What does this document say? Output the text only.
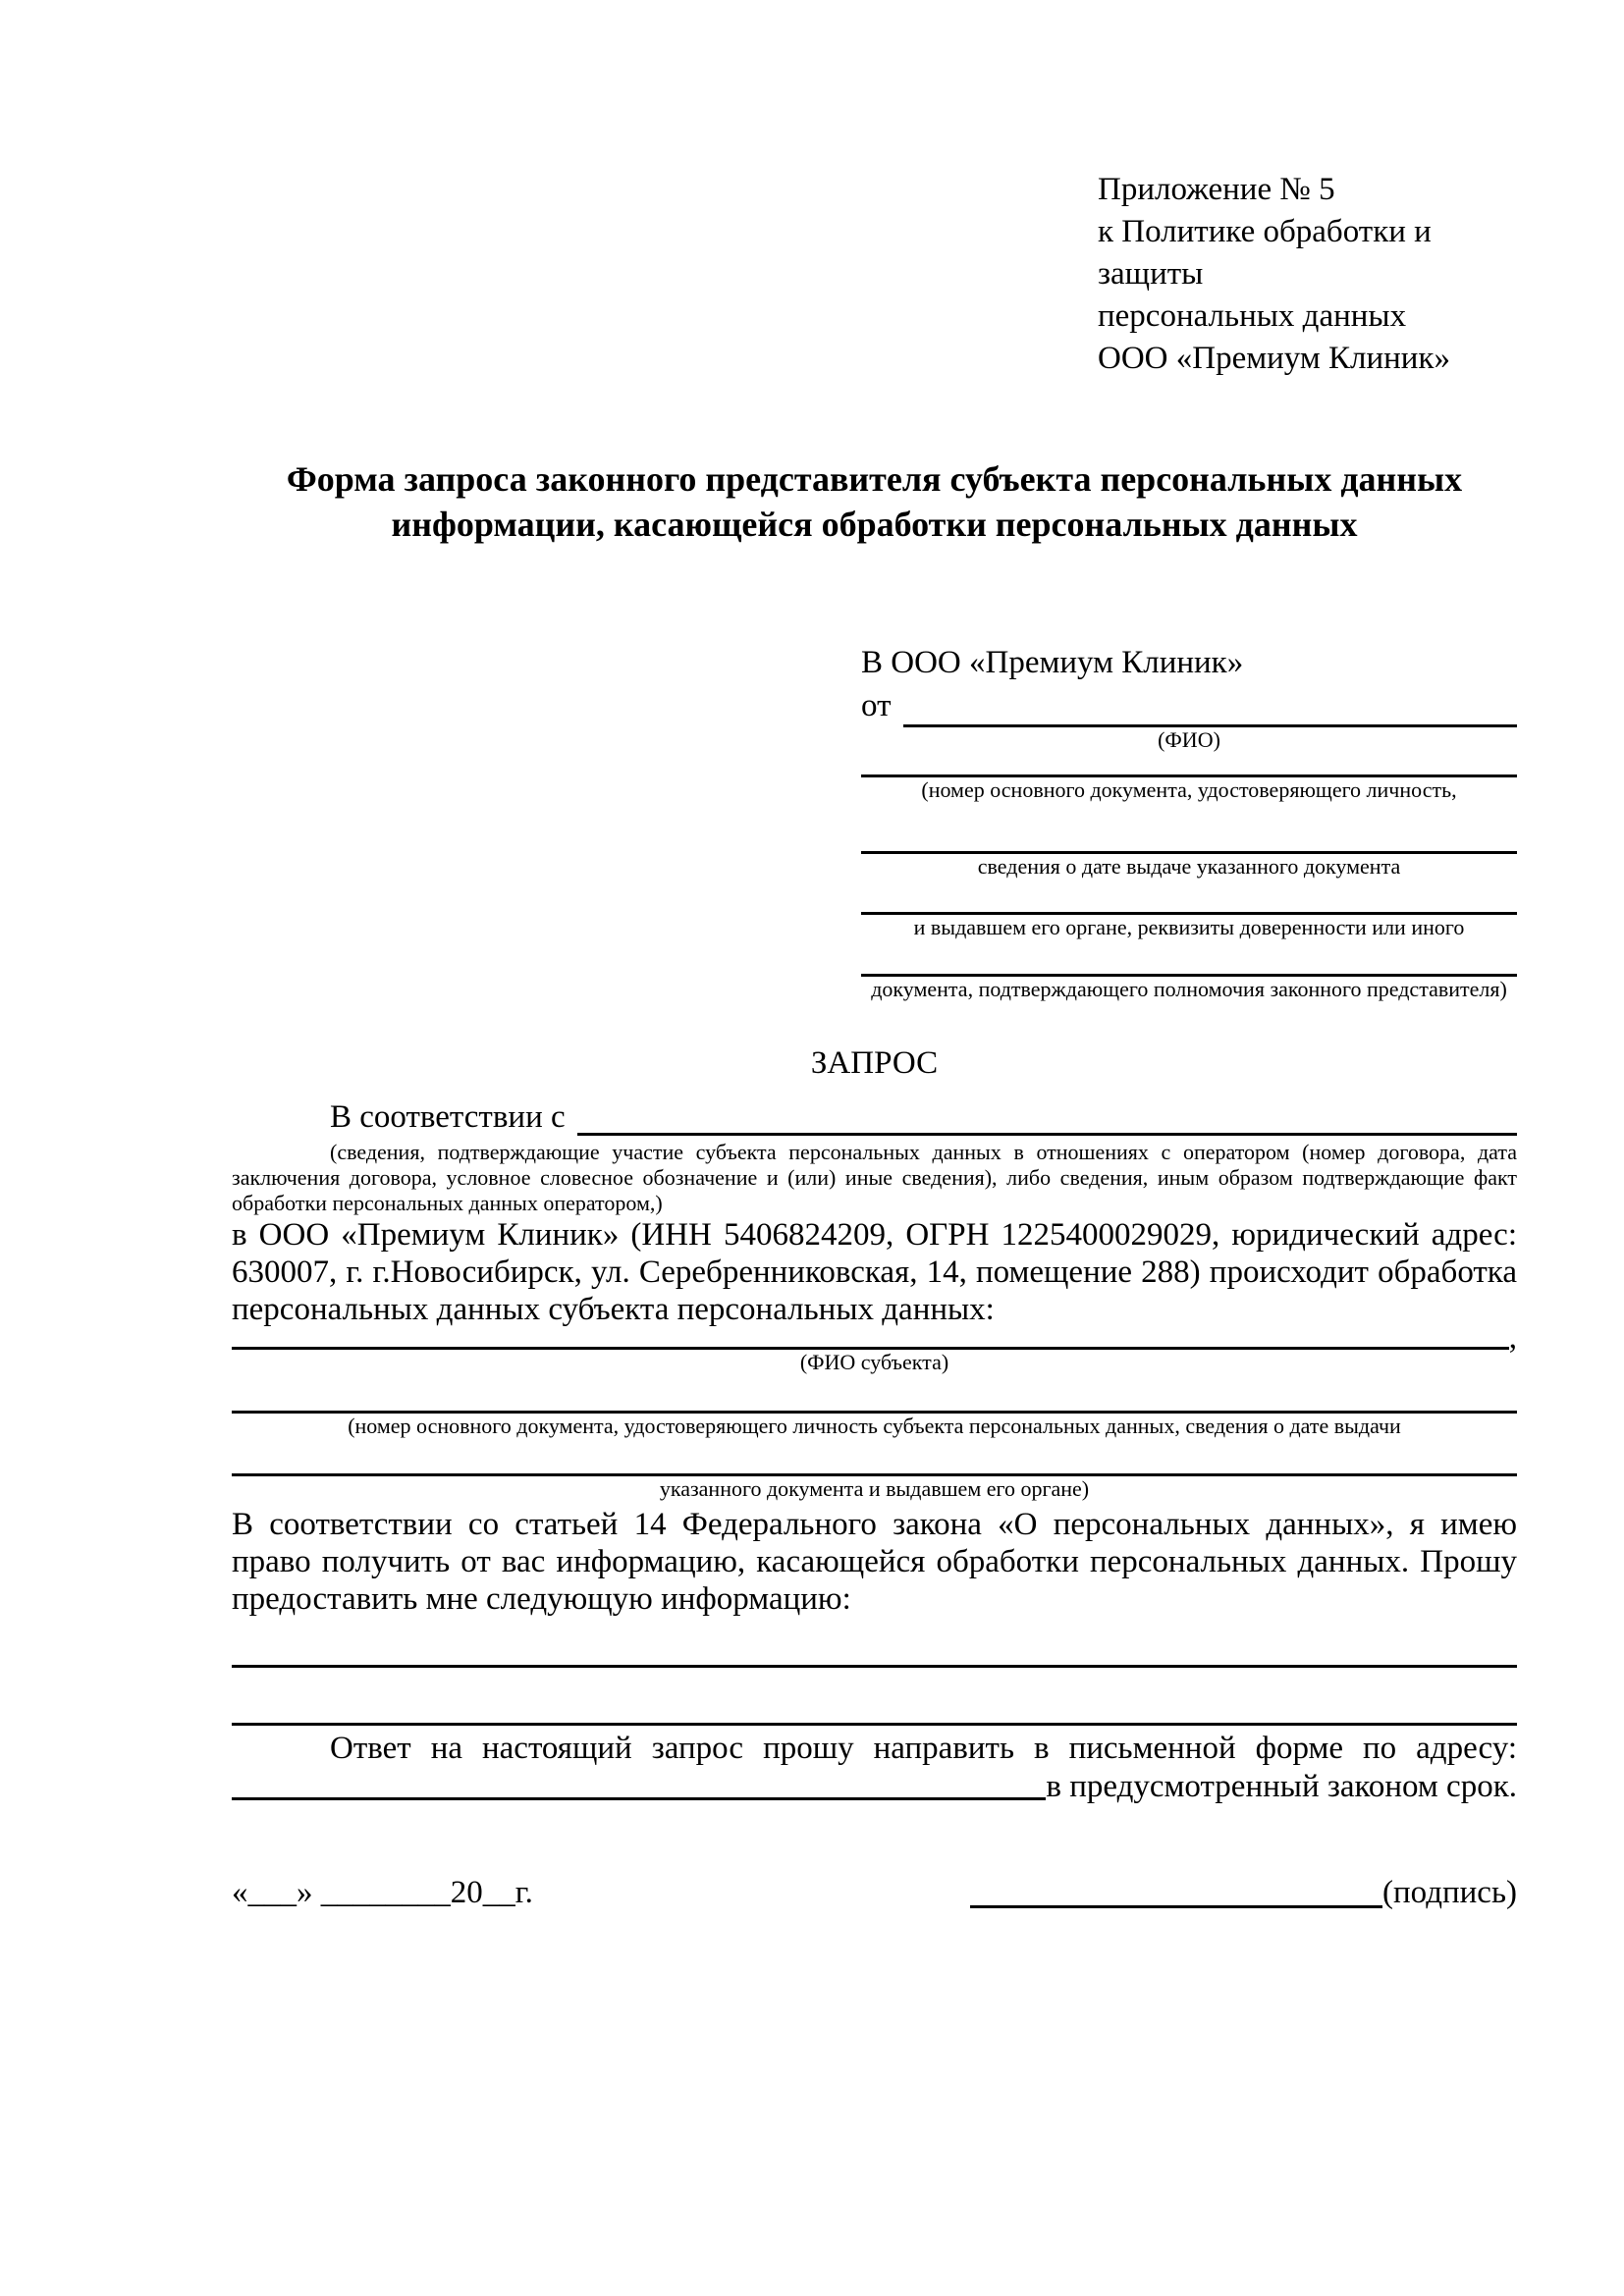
Приложение № 5
к Политике обработки и защиты
персональных данных
ООО «Премиум Клиник»
Форма запроса законного представителя субъекта персональных данных
информации, касающейся обработки персональных данных
В ООО «Премиум Клиник»
от
(ФИО)
(номер основного документа, удостоверяющего личность,
сведения о дате выдаче указанного документа
и выдавшем его органе, реквизиты доверенности или иного
документа, подтверждающего полномочия законного представителя)
ЗАПРОС
В соответствии с
(сведения, подтверждающие участие субъекта персональных данных в отношениях с оператором (номер договора, дата заключения договора, условное словесное обозначение и (или) иные сведения), либо сведения, иным образом подтверждающие факт обработки персональных данных оператором,)

в ООО «Премиум Клиник» (ИНН 5406824209, ОГРН 1225400029029, юридический адрес: 630007, г. г.Новосибирск, ул. Серебренниковская, 14, помещение 288) происходит обработка персональных данных субъекта персональных данных:

,
(ФИО субъекта)
(номер основного документа, удостоверяющего личность субъекта персональных данных, сведения о дате выдачи
указанного документа и выдавшем его органе)

В соответствии со статьей 14 Федерального закона «О персональных данных», я имею право получить от вас информацию, касающейся обработки персональных данных. Прошу предоставить мне следующую информацию:

Ответ на настоящий запрос прошу направить в письменной форме по адресу:
в предусмотренный законом срок.
«___» ________20__г.	(подпись)
